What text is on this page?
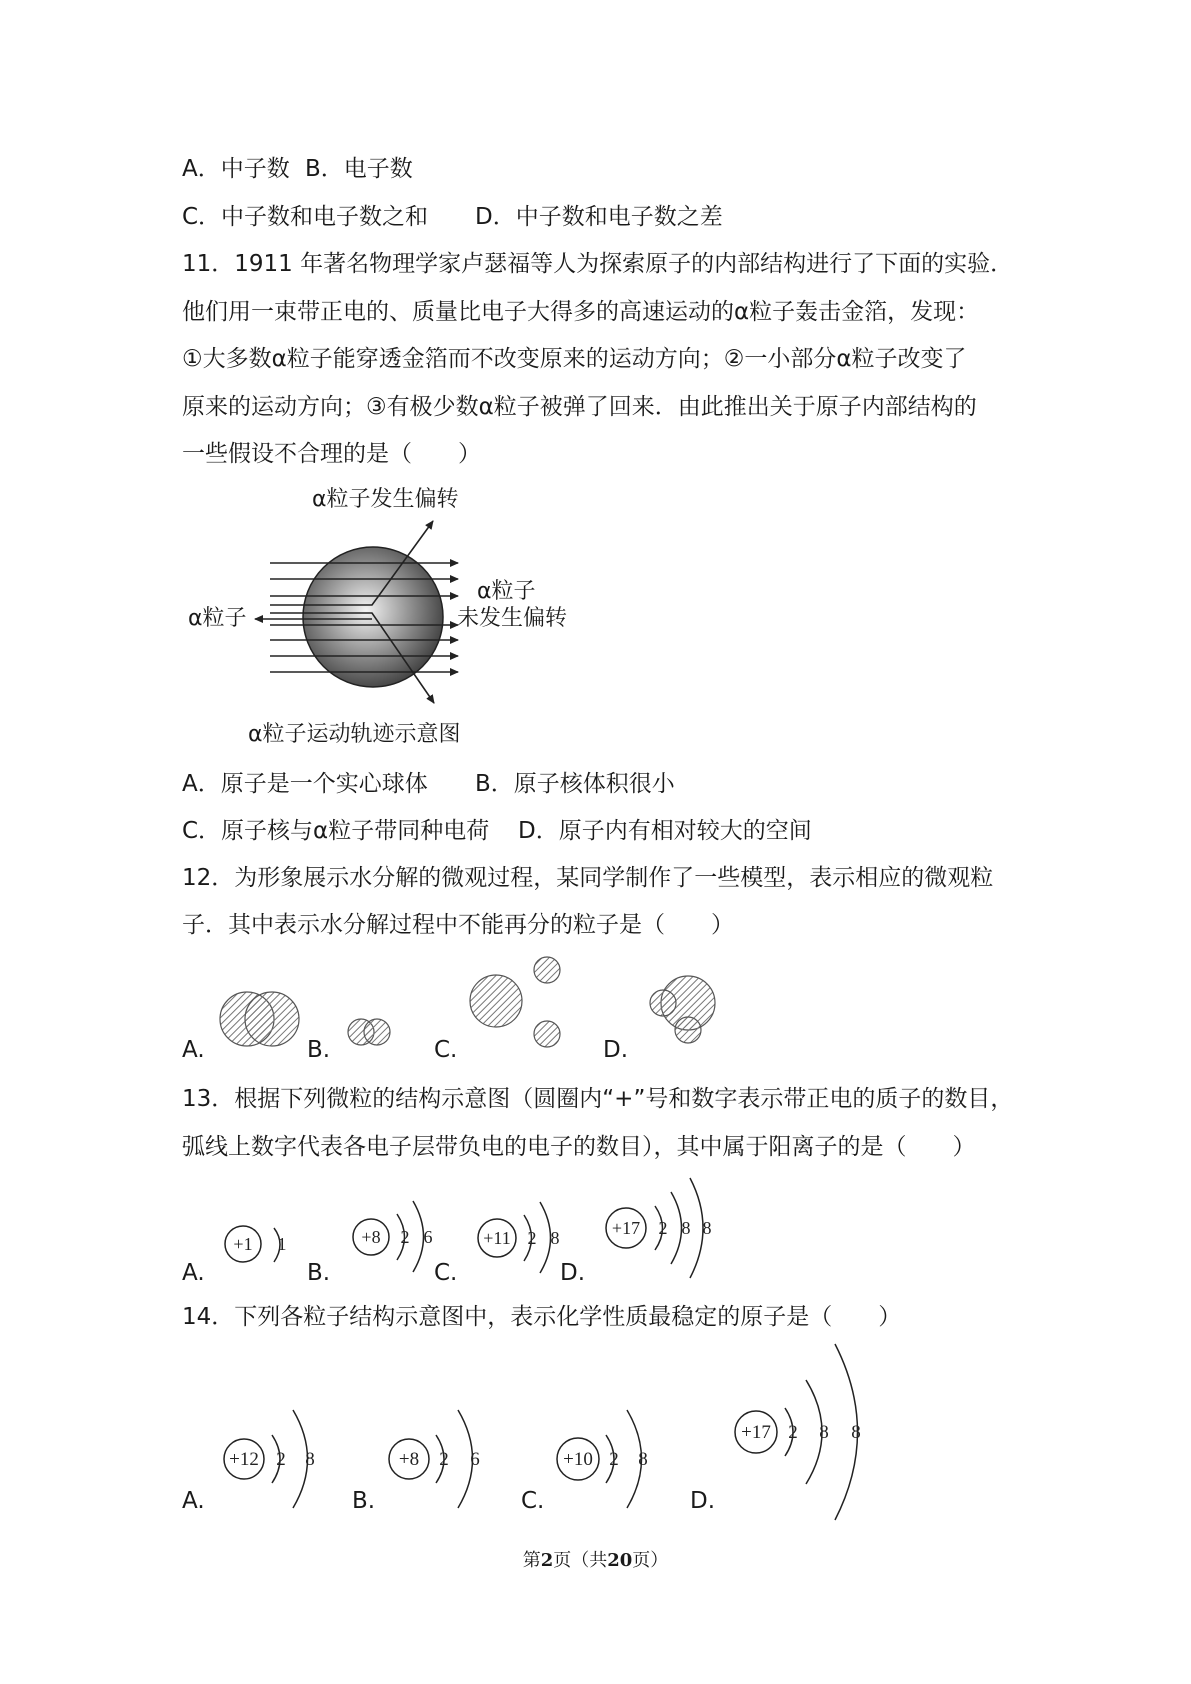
A．中子数 B．电子数
C．中子数和电子数之和 D．中子数和电子数之差
11．1911 年著名物理学家卢瑟福等人为探索原子的内部结构进行了下面的实验．
他们用一束带正电的、质量比电子大得多的高速运动的α粒子轰击金箔，发现：
①大多数α粒子能穿透金箔而不改变原来的运动方向；②一小部分α粒子改变了
原来的运动方向；③有极少数α粒子被弹了回来．由此推出关于原子内部结构的
一些假设不合理的是（　　）
α粒子发生偏转
α粒子
α粒子
未发生偏转
α粒子运动轨迹示意图
A．原子是一个实心球体 B．原子核体积很小
C．原子核与α粒子带同种电荷 D．原子内有相对较大的空间
12．为形象展示水分解的微观过程，某同学制作了一些模型，表示相应的微观粒
子．其中表示水分解过程中不能再分的粒子是（　　）
A.	B.	C.	D.
13．根据下列微粒的结构示意图（圆圈内“+”号和数字表示带正电的质子的数目，
弧线上数字代表各电子层带负电的电子的数目），其中属于阳离子的是（　　）
A.	B.	C.	D.
+1 1	+8 2 6	+11 2 8	+17 2 8 8
14．下列各粒子结构示意图中，表示化学性质最稳定的原子是（　　）
A.	B.	C.	D.
+12 2 8	+8 2 6	+10 2 8
+17 2 8 8
第2页（共20页）
